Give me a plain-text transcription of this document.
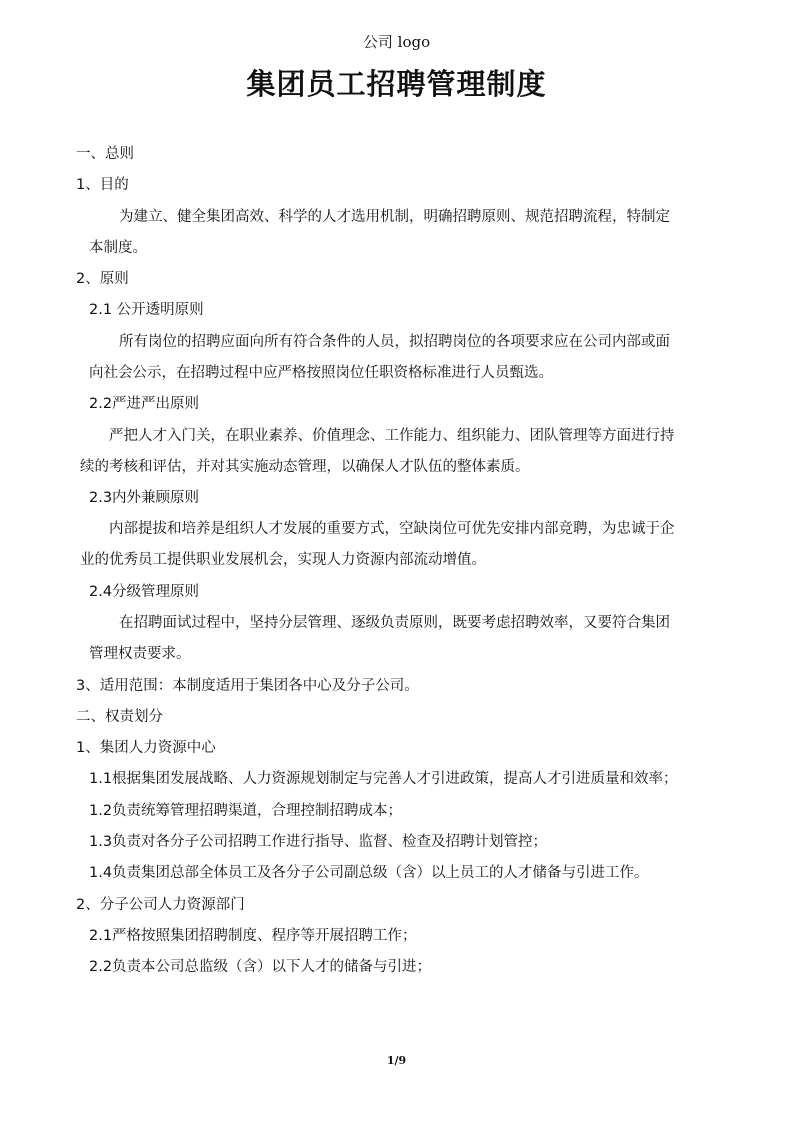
公司 logo
集团员工招聘管理制度
一、总则
1、目的
为建立、健全集团高效、科学的人才选用机制，明确招聘原则、规范招聘流程，特制定
本制度。
2、原则
2.1 公开透明原则
所有岗位的招聘应面向所有符合条件的人员，拟招聘岗位的各项要求应在公司内部或面
向社会公示，在招聘过程中应严格按照岗位任职资格标准进行人员甄选。
2.2严进严出原则
严把人才入门关，在职业素养、价值理念、工作能力、组织能力、团队管理等方面进行持
续的考核和评估，并对其实施动态管理，以确保人才队伍的整体素质。
2.3内外兼顾原则
内部提拔和培养是组织人才发展的重要方式，空缺岗位可优先安排内部竞聘，为忠诚于企
业的优秀员工提供职业发展机会，实现人力资源内部流动增值。
2.4分级管理原则
在招聘面试过程中，坚持分层管理、逐级负责原则，既要考虑招聘效率，又要符合集团
管理权责要求。
3、适用范围：本制度适用于集团各中心及分子公司。
二、权责划分
1、集团人力资源中心
1.1根据集团发展战略、人力资源规划制定与完善人才引进政策，提高人才引进质量和效率；
1.2负责统筹管理招聘渠道，合理控制招聘成本；
1.3负责对各分子公司招聘工作进行指导、监督、检查及招聘计划管控；
1.4负责集团总部全体员工及各分子公司副总级（含）以上员工的人才储备与引进工作。
2、分子公司人力资源部门
2.1严格按照集团招聘制度、程序等开展招聘工作；
2.2负责本公司总监级（含）以下人才的储备与引进；
1/9
